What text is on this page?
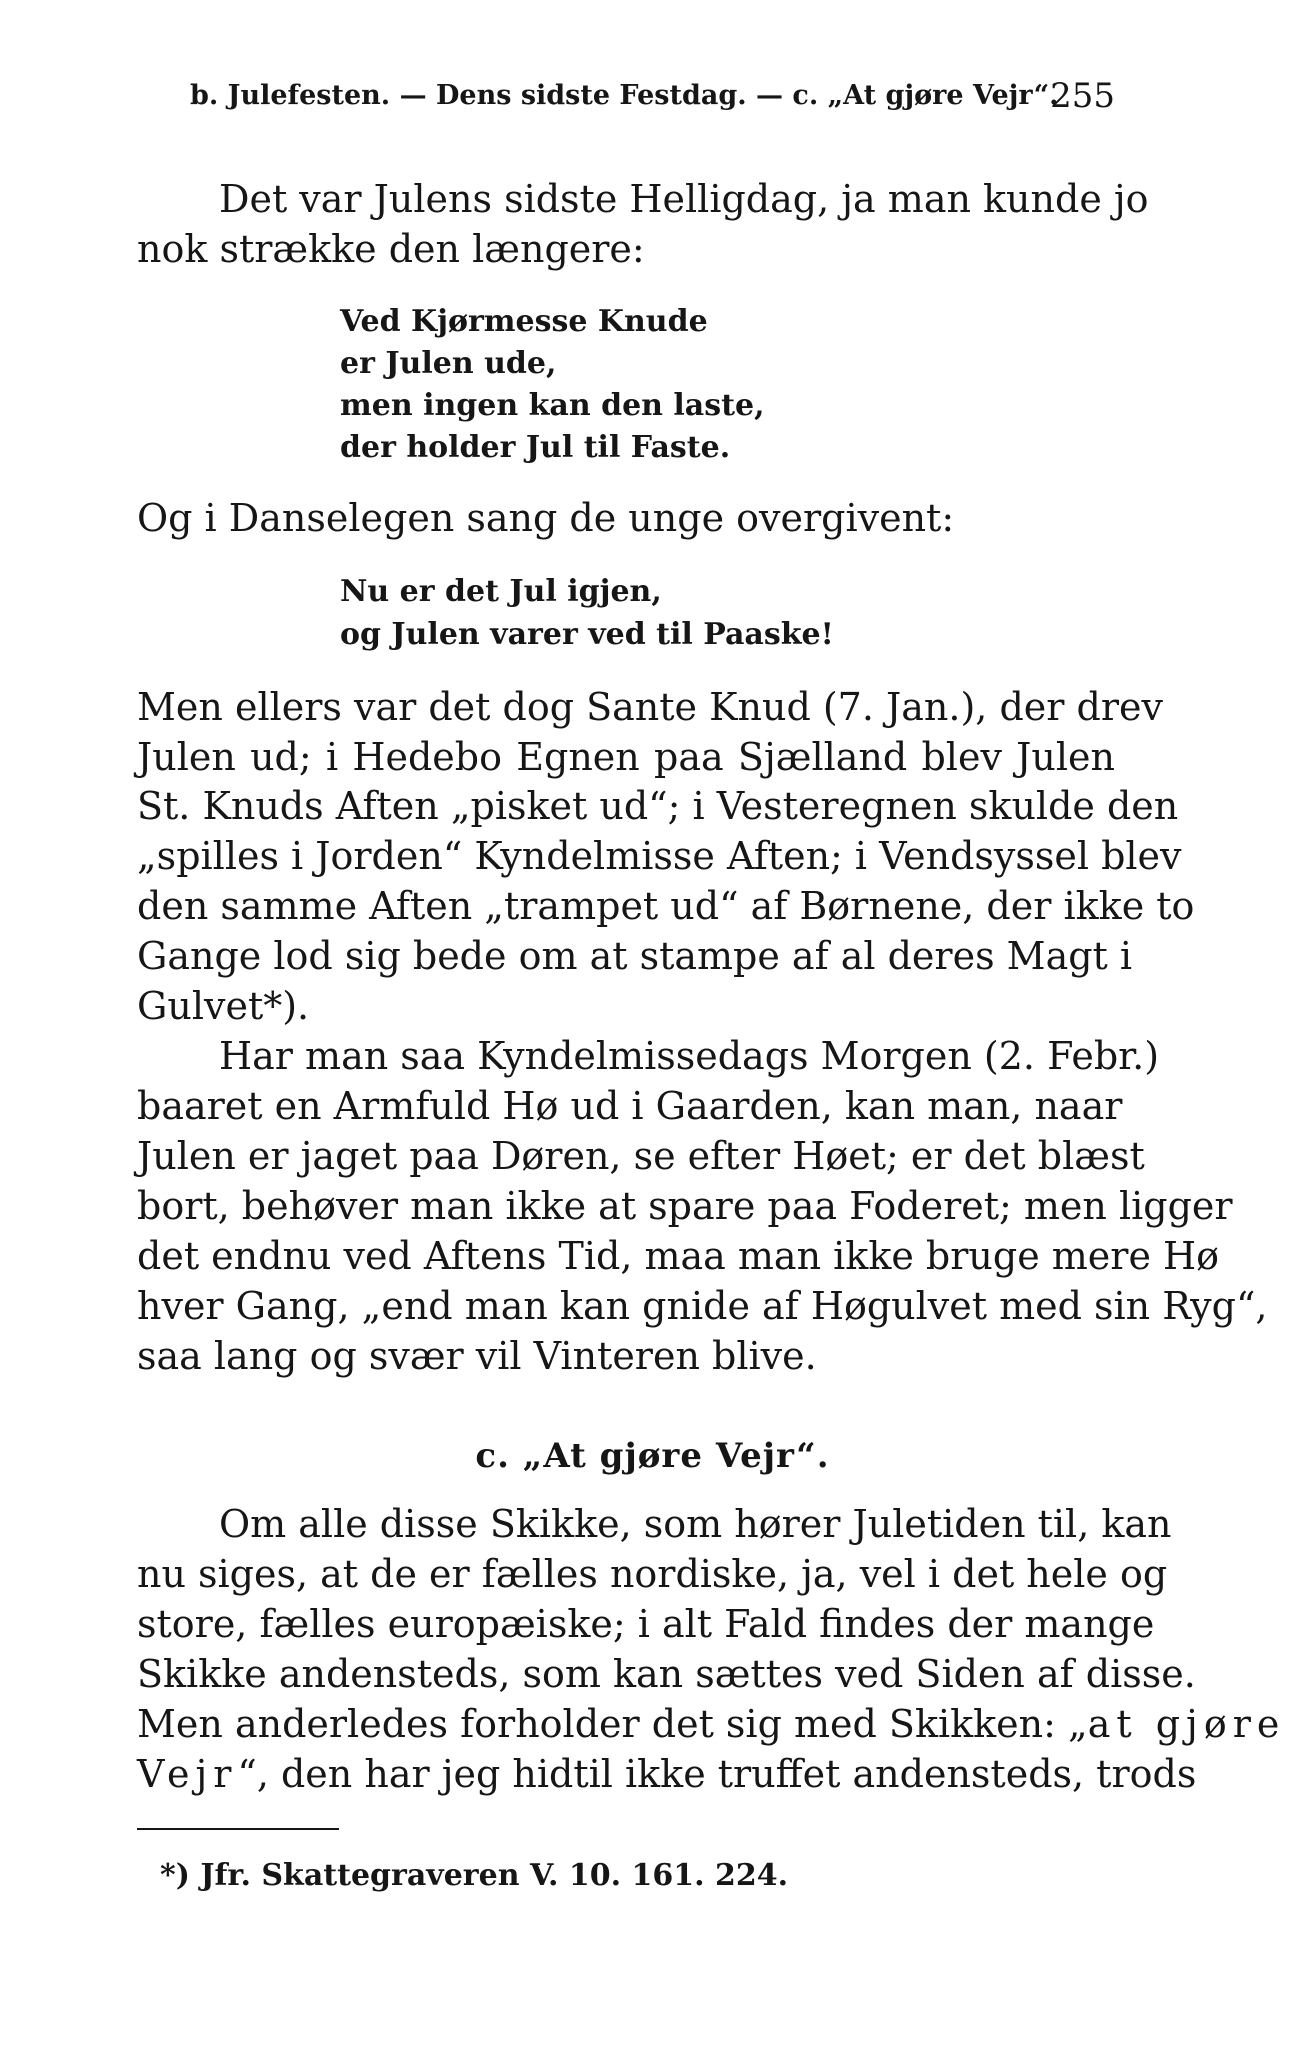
b. Julefesten. — Dens sidste Festdag. — c. „At gjøre Vejr“.
255
Det var Julens sidste Helligdag, ja man kunde jo
nok strække den længere:
Ved Kjørmesse Knude
er Julen ude,
men ingen kan den laste,
der holder Jul til Faste.
Og i Danselegen sang de unge overgivent:
Nu er det Jul igjen,
og Julen varer ved til Paaske!
Men ellers var det dog Sante Knud (7. Jan.), der drev
Julen ud; i Hedebo Egnen paa Sjælland blev Julen
St. Knuds Aften „pisket ud“; i Vesteregnen skulde den
„spilles i Jorden“ Kyndelmisse Aften; i Vendsyssel blev
den samme Aften „trampet ud“ af Børnene, der ikke to
Gange lod sig bede om at stampe af al deres Magt i
Gulvet*).
Har man saa Kyndelmissedags Morgen (2. Febr.)
baaret en Armfuld Hø ud i Gaarden, kan man, naar
Julen er jaget paa Døren, se efter Høet; er det blæst
bort, behøver man ikke at spare paa Foderet; men ligger
det endnu ved Aftens Tid, maa man ikke bruge mere Hø
hver Gang, „end man kan gnide af Høgulvet med sin Ryg“,
saa lang og svær vil Vinteren blive.
c. „At gjøre Vejr“.
Om alle disse Skikke, som hører Juletiden til, kan
nu siges, at de er fælles nordiske, ja, vel i det hele og
store, fælles europæiske; i alt Fald findes der mange
Skikke andensteds, som kan sættes ved Siden af disse.
Men anderledes forholder det sig med Skikken: „at gjøre
Vejr“, den har jeg hidtil ikke truffet andensteds, trods
*) Jfr. Skattegraveren V. 10. 161. 224.
